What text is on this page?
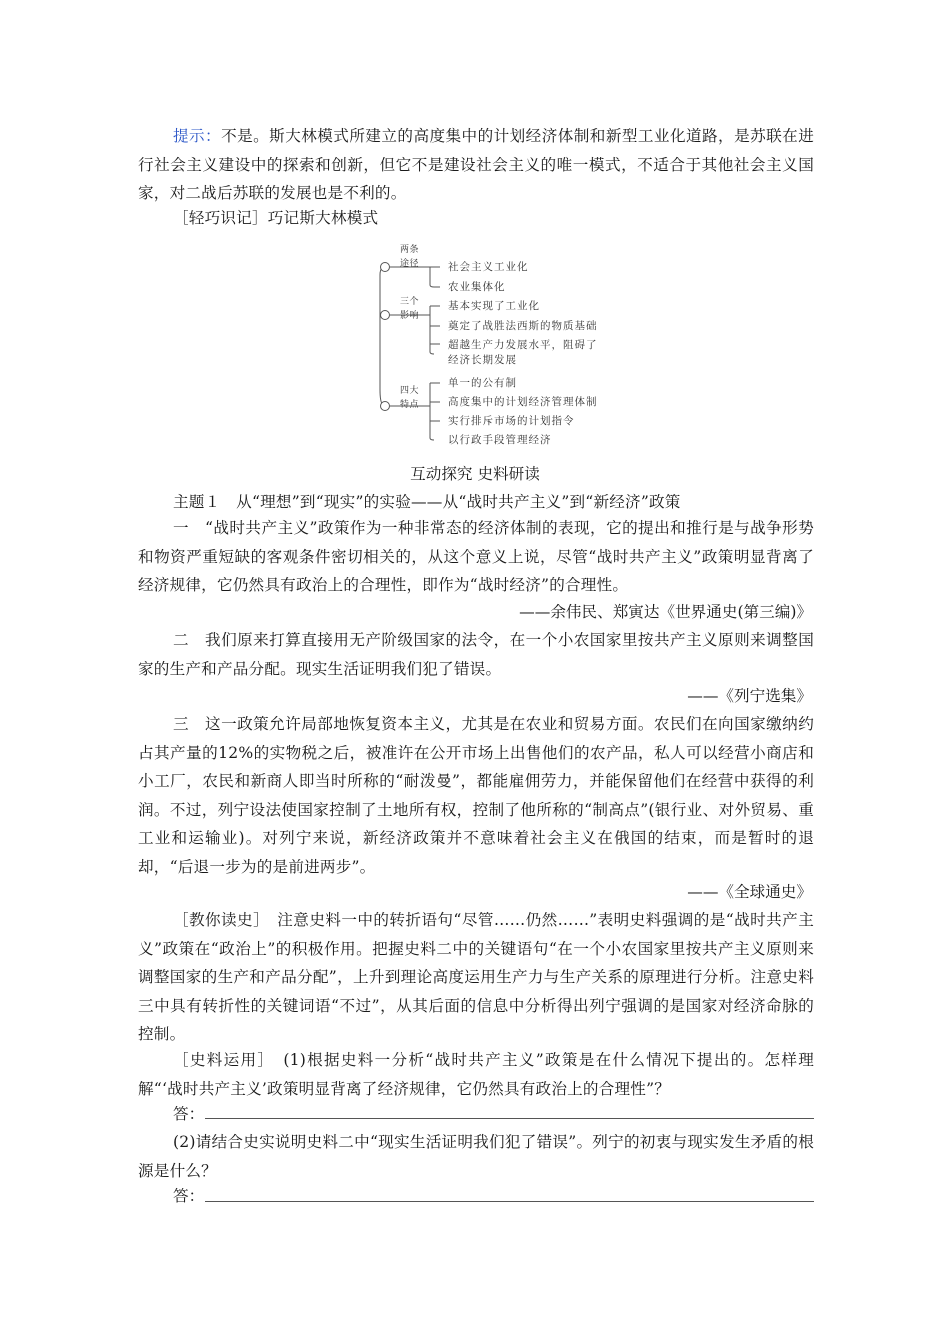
提示：不是。斯大林模式所建立的高度集中的计划经济体制和新型工业化道路，是苏联在进行社会主义建设中的探索和创新，但它不是建设社会主义的唯一模式，不适合于其他社会主义国家，对二战后苏联的发展也是不利的。

［轻巧识记］巧记斯大林模式

两条
途径	社会主义工业化
农业集体化
三个
影响
基本实现了工业化
奠定了战胜法西斯的物质基础
超越生产力发展水平，阻碍了
经济长期发展
四大
特点
单一的公有制
高度集中的计划经济管理体制
实行排斥市场的计划指令
以行政手段管理经济
互动探究 史料研读

主题１　从“理想”到“现实”的实验——从“战时共产主义”到“新经济”政策

一　“战时共产主义”政策作为一种非常态的经济体制的表现，它的提出和推行是与战争形势和物资严重短缺的客观条件密切相关的，从这个意义上说，尽管“战时共产主义”政策明显背离了经济规律，它仍然具有政治上的合理性，即作为“战时经济”的合理性。

——余伟民、郑寅达《世界通史(第三编)》

二　我们原来打算直接用无产阶级国家的法令，在一个小农国家里按共产主义原则来调整国家的生产和产品分配。现实生活证明我们犯了错误。

——《列宁选集》

三　这一政策允许局部地恢复资本主义，尤其是在农业和贸易方面。农民们在向国家缴纳约占其产量的12%的实物税之后，被准许在公开市场上出售他们的农产品，私人可以经营小商店和小工厂，农民和新商人即当时所称的“耐泼曼”，都能雇佣劳力，并能保留他们在经营中获得的利润。不过，列宁设法使国家控制了土地所有权，控制了他所称的“制高点”(银行业、对外贸易、重工业和运输业)。对列宁来说，新经济政策并不意味着社会主义在俄国的结束，而是暂时的退却，“后退一步为的是前进两步”。

——《全球通史》

［教你读史］　注意史料一中的转折语句“尽管……仍然……”表明史料强调的是“战时共产主义”政策在“政治上”的积极作用。把握史料二中的关键语句“在一个小农国家里按共产主义原则来调整国家的生产和产品分配”，上升到理论高度运用生产力与生产关系的原理进行分析。注意史料三中具有转折性的关键词语“不过”，从其后面的信息中分析得出列宁强调的是国家对经济命脉的控制。

［史料运用］　(1)根据史料一分析“战时共产主义”政策是在什么情况下提出的。怎样理解“‘战时共产主义’政策明显背离了经济规律，它仍然具有政治上的合理性”？

答：

(2)请结合史实说明史料二中“现实生活证明我们犯了错误”。列宁的初衷与现实发生矛盾的根源是什么？

答：
